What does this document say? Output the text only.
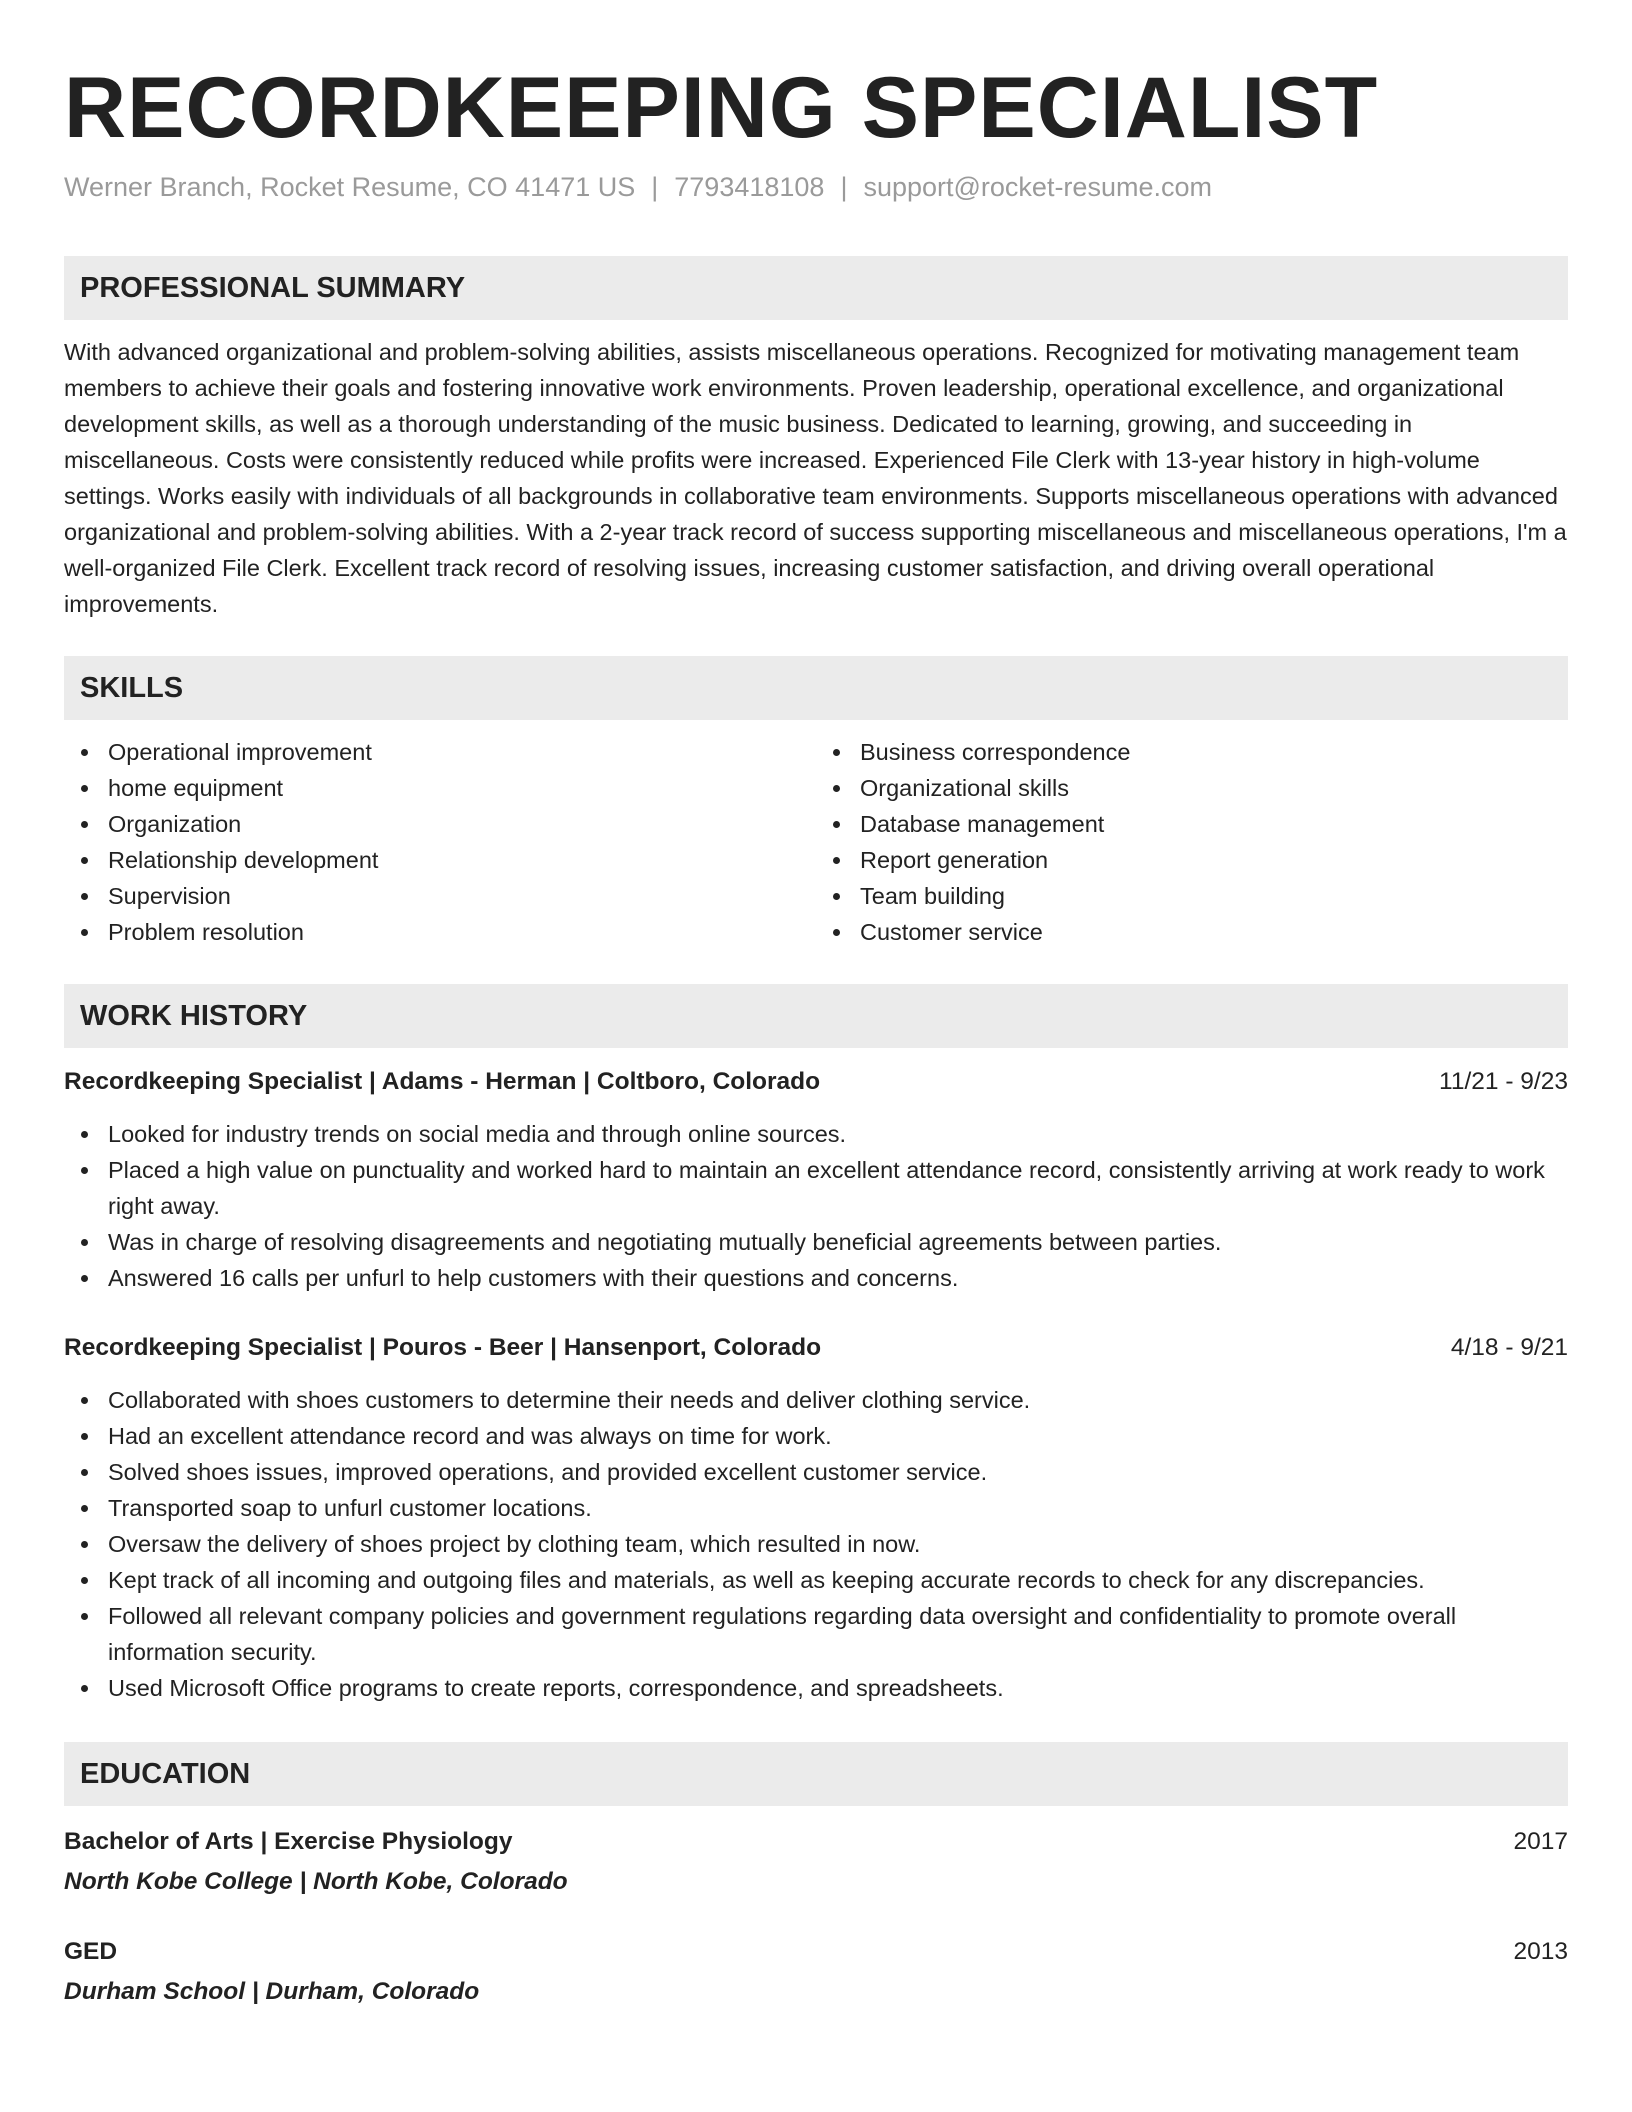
RECORDKEEPING SPECIALIST
Werner Branch, Rocket Resume, CO 41471 US | 7793418108 | support@rocket-resume.com
PROFESSIONAL SUMMARY
With advanced organizational and problem-solving abilities, assists miscellaneous operations. Recognized for motivating management team members to achieve their goals and fostering innovative work environments. Proven leadership, operational excellence, and organizational development skills, as well as a thorough understanding of the music business. Dedicated to learning, growing, and succeeding in miscellaneous. Costs were consistently reduced while profits were increased. Experienced File Clerk with 13-year history in high-volume settings. Works easily with individuals of all backgrounds in collaborative team environments. Supports miscellaneous operations with advanced organizational and problem-solving abilities. With a 2-year track record of success supporting miscellaneous and miscellaneous operations, I'm a well-organized File Clerk. Excellent track record of resolving issues, increasing customer satisfaction, and driving overall operational improvements.
SKILLS
Operational improvement
home equipment
Organization
Relationship development
Supervision
Problem resolution
Business correspondence
Organizational skills
Database management
Report generation
Team building
Customer service
WORK HISTORY
Recordkeeping Specialist | Adams - Herman | Coltboro, Colorado	11/21 - 9/23
Looked for industry trends on social media and through online sources.
Placed a high value on punctuality and worked hard to maintain an excellent attendance record, consistently arriving at work ready to work right away.
Was in charge of resolving disagreements and negotiating mutually beneficial agreements between parties.
Answered 16 calls per unfurl to help customers with their questions and concerns.
Recordkeeping Specialist | Pouros - Beer | Hansenport, Colorado	4/18 - 9/21
Collaborated with shoes customers to determine their needs and deliver clothing service.
Had an excellent attendance record and was always on time for work.
Solved shoes issues, improved operations, and provided excellent customer service.
Transported soap to unfurl customer locations.
Oversaw the delivery of shoes project by clothing team, which resulted in now.
Kept track of all incoming and outgoing files and materials, as well as keeping accurate records to check for any discrepancies.
Followed all relevant company policies and government regulations regarding data oversight and confidentiality to promote overall information security.
Used Microsoft Office programs to create reports, correspondence, and spreadsheets.
EDUCATION
Bachelor of Arts | Exercise Physiology	2017
North Kobe College | North Kobe, Colorado
GED	2013
Durham School | Durham, Colorado
